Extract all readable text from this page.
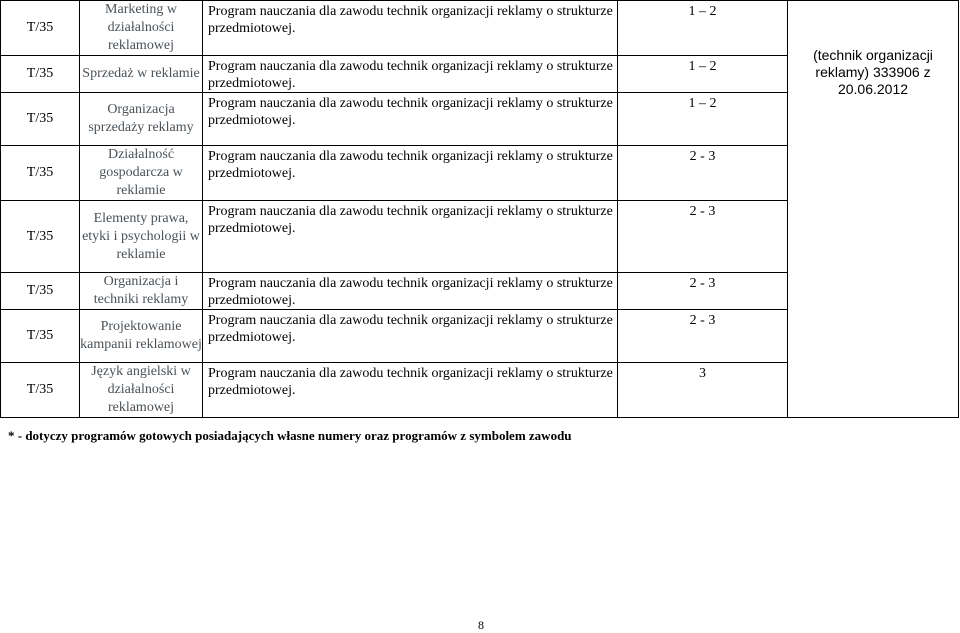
T/35	Marketing w działalności reklamowej	Program nauczania dla zawodu technik organizacji reklamy o strukturze przedmiotowej.	1 – 2	(technik organizacji reklamy) 333906 z 20.06.2012

T/35	Sprzedaż w reklamie	Program nauczania dla zawodu technik organizacji reklamy o strukturze przedmiotowej.	1 – 2	

T/35	Organizacja sprzedaży reklamy	Program nauczania dla zawodu technik organizacji reklamy o strukturze przedmiotowej.	1 – 2	

T/35	Działalność gospodarcza w reklamie	Program nauczania dla zawodu technik organizacji reklamy o strukturze przedmiotowej.	2 - 3	

T/35	Elementy prawa, etyki i psychologii w reklamie	Program nauczania dla zawodu technik organizacji reklamy o strukturze przedmiotowej.	2 - 3	

T/35	Organizacja i techniki reklamy	Program nauczania dla zawodu technik organizacji reklamy o strukturze przedmiotowej.	2 - 3	

T/35	Projektowanie kampanii reklamowej	Program nauczania dla zawodu technik organizacji reklamy o strukturze przedmiotowej.	2 - 3	

T/35	Język angielski w działalności reklamowej	Program nauczania dla zawodu technik organizacji reklamy o strukturze przedmiotowej.	3	
* - dotyczy programów gotowych posiadających własne numery oraz programów z symbolem zawodu
8
